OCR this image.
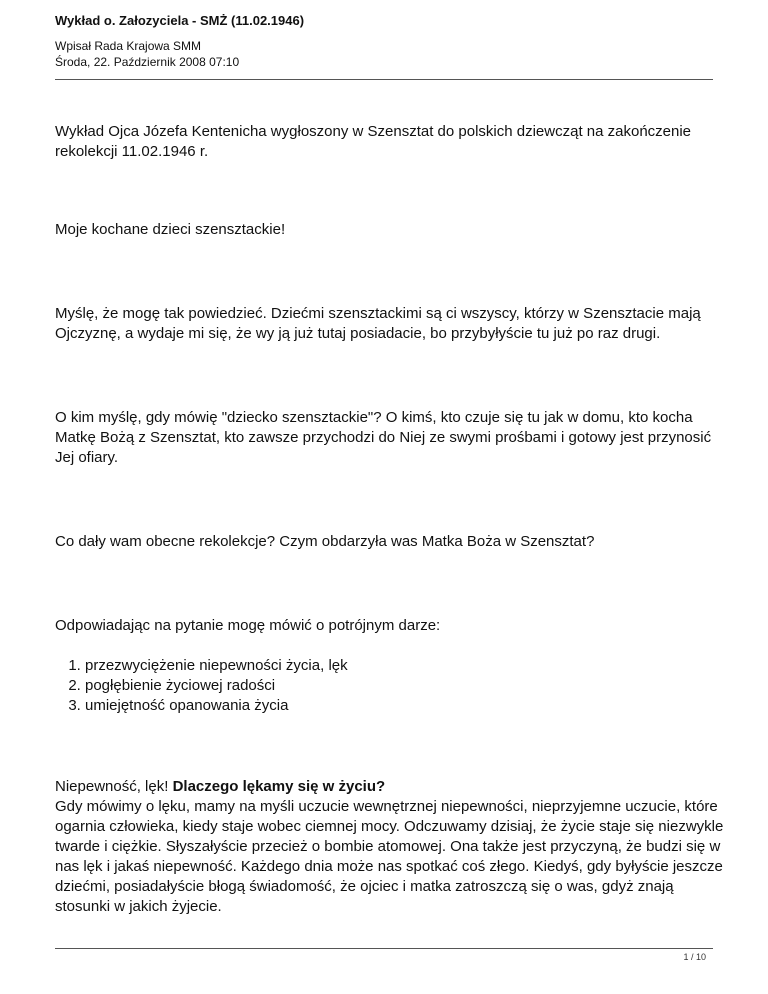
Wykład o. Załozyciela - SMŻ (11.02.1946)
Wpisał Rada Krajowa SMM
Środa, 22. Październik 2008 07:10

Wykład Ojca Józefa Kentenicha wygłoszony w Szensztat do polskich dziewcząt na zakończenie rekolekcji 11.02.1946 r.

Moje kochane dzieci szensztackie!

Myślę, że mogę tak powiedzieć. Dziećmi szensztackimi są ci wszyscy, którzy w Szensztacie mają Ojczyznę, a wydaje mi się, że wy ją już tutaj posiadacie, bo przybyłyście tu już po raz drugi.

O kim myślę, gdy mówię "dziecko szensztackie"? O kimś, kto czuje się tu jak w domu, kto kocha Matkę Bożą z Szensztat, kto zawsze przychodzi do Niej ze swymi prośbami i gotowy jest przynosić Jej ofiary.

Co dały wam obecne rekolekcje? Czym obdarzyła was Matka Boża w Szensztat?

Odpowiadając na pytanie mogę mówić o potrójnym darze:

1. przezwyciężenie niepewności życia, lęk
2. pogłębienie życiowej radości
3. umiejętność opanowania życia

Niepewność, lęk! Dlaczego lękamy się w życiu?

Gdy mówimy o lęku, mamy na myśli uczucie wewnętrznej niepewności, nieprzyjemne uczucie, które ogarnia człowieka, kiedy staje wobec ciemnej mocy. Odczuwamy dzisiaj, że życie staje się niezwykle twarde i ciężkie. Słyszałyście przecież o bombie atomowej. Ona także jest przyczyną, że budzi się w nas lęk i jakaś niepewność. Każdego dnia może nas spotkać coś złego. Kiedyś, gdy byłyście jeszcze dziećmi, posiadałyście błogą świadomość, że ojciec i matka zatroszczą się o was, gdyż znają stosunki w jakich żyjecie.

1 / 10
